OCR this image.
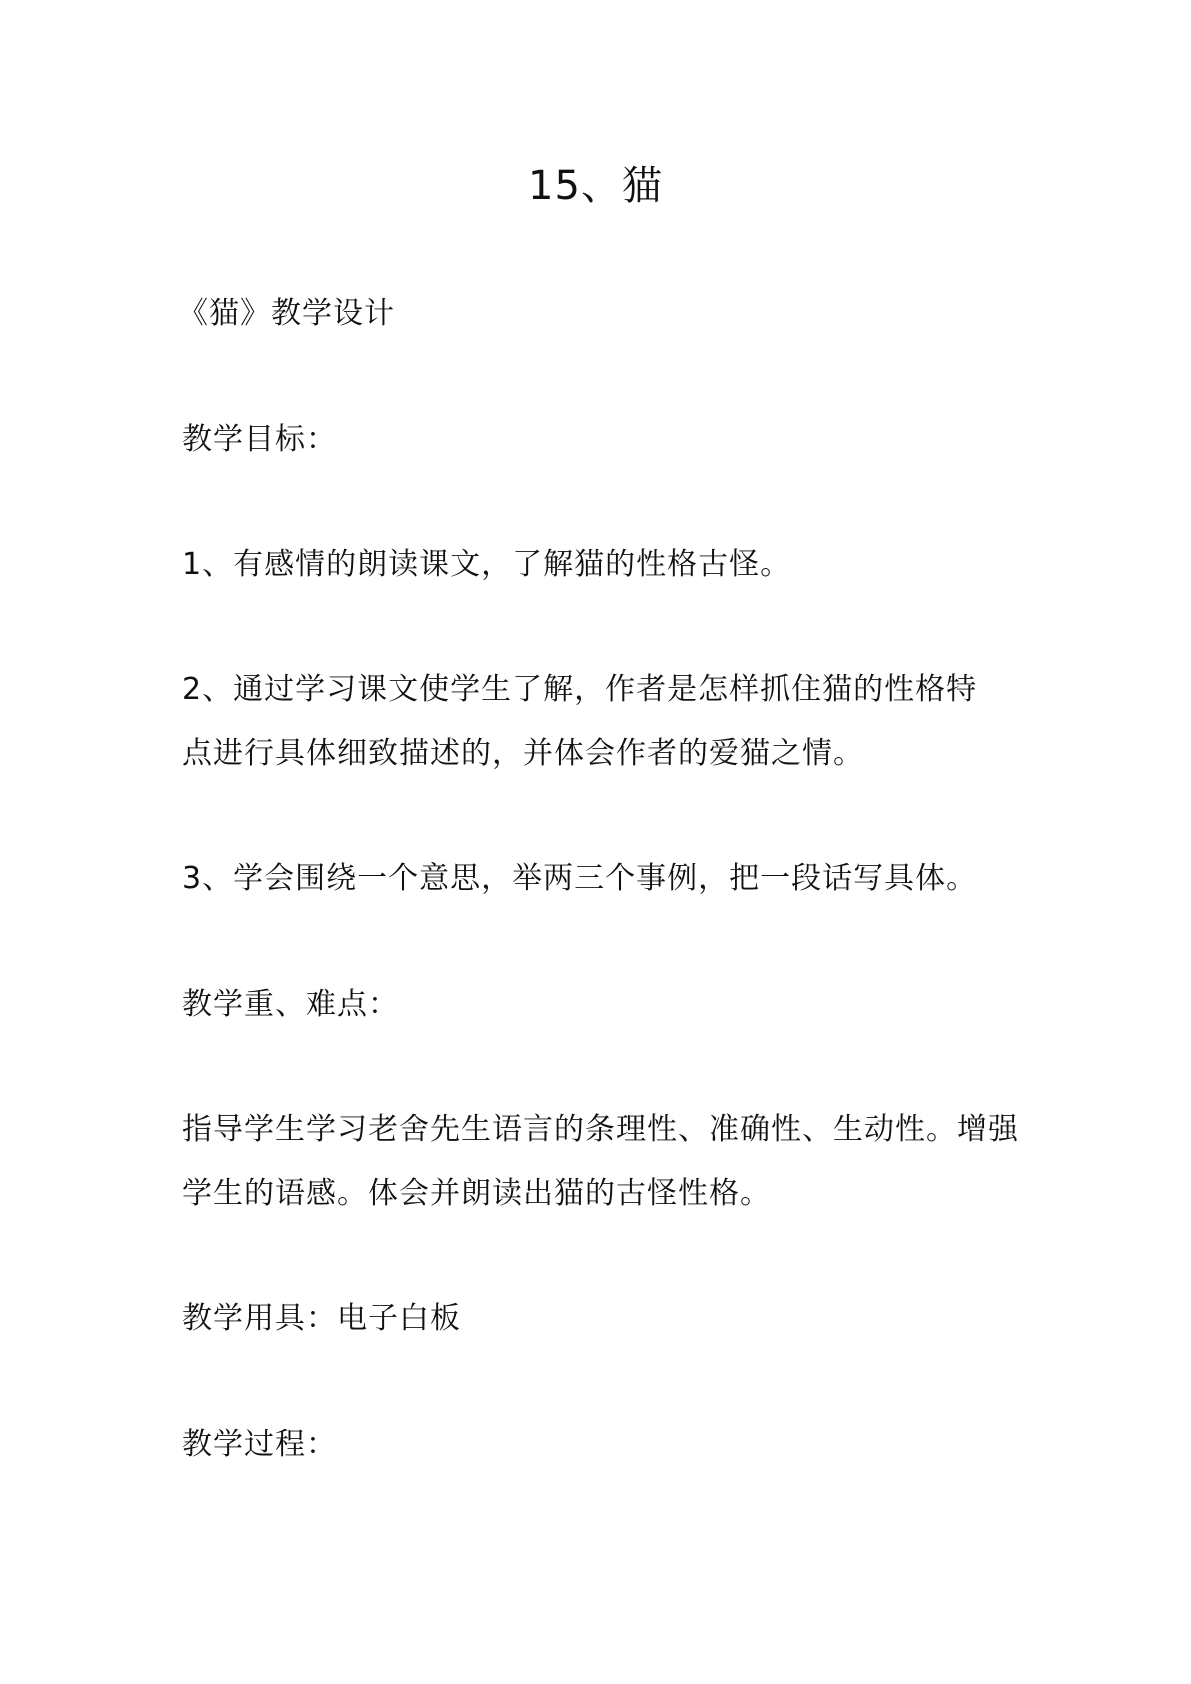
15、猫
《猫》教学设计
教学目标：
1、有感情的朗读课文，了解猫的性格古怪。
2、通过学习课文使学生了解，作者是怎样抓住猫的性格特
点进行具体细致描述的，并体会作者的爱猫之情。
3、学会围绕一个意思，举两三个事例，把一段话写具体。
教学重、难点：
指导学生学习老舍先生语言的条理性、准确性、生动性。增强
学生的语感。体会并朗读出猫的古怪性格。
教学用具：电子白板
教学过程：
